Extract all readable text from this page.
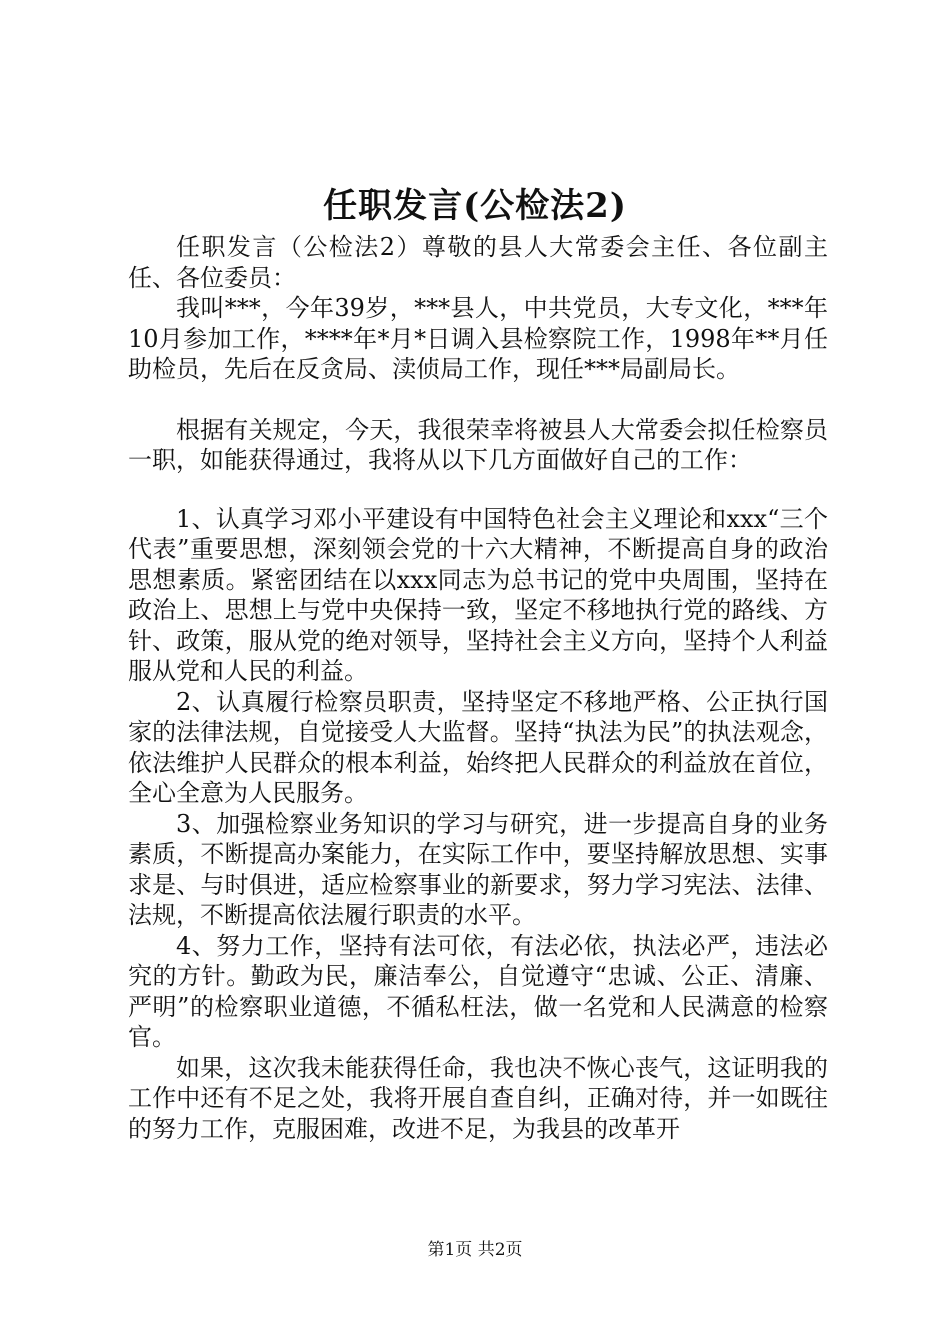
任职发言(公检法2)

任职发言（公检法2）尊敬的县人大常委会主任、各位副主任、各位委员：

我叫***，今年39岁，***县人，中共党员，大专文化，***年10月参加工作，****年*月*日调入县检察院工作，1998年**月任助检员，先后在反贪局、渎侦局工作，现任***局副局长。

根据有关规定，今天，我很荣幸将被县人大常委会拟任检察员一职，如能获得通过，我将从以下几方面做好自己的工作：

1、认真学习邓小平建设有中国特色社会主义理论和xxx“三个代表”重要思想，深刻领会党的十六大精神，不断提高自身的政治思想素质。紧密团结在以xxx同志为总书记的党中央周围，坚持在政治上、思想上与党中央保持一致，坚定不移地执行党的路线、方针、政策，服从党的绝对领导，坚持社会主义方向，坚持个人利益服从党和人民的利益。

2、认真履行检察员职责，坚持坚定不移地严格、公正执行国家的法律法规，自觉接受人大监督。坚持“执法为民”的执法观念，依法维护人民群众的根本利益，始终把人民群众的利益放在首位，全心全意为人民服务。

3、加强检察业务知识的学习与研究，进一步提高自身的业务素质，不断提高办案能力，在实际工作中，要坚持解放思想、实事求是、与时俱进，适应检察事业的新要求，努力学习宪法、法律、法规，不断提高依法履行职责的水平。

4、努力工作，坚持有法可依，有法必依，执法必严，违法必究的方针。勤政为民，廉洁奉公，自觉遵守“忠诚、公正、清廉、严明”的检察职业道德，不循私枉法，做一名党和人民满意的检察官。

如果，这次我未能获得任命，我也决不恢心丧气，这证明我的工作中还有不足之处，我将开展自查自纠，正确对待，并一如既往的努力工作，克服困难，改进不足，为我县的改革开

第1页 共2页
